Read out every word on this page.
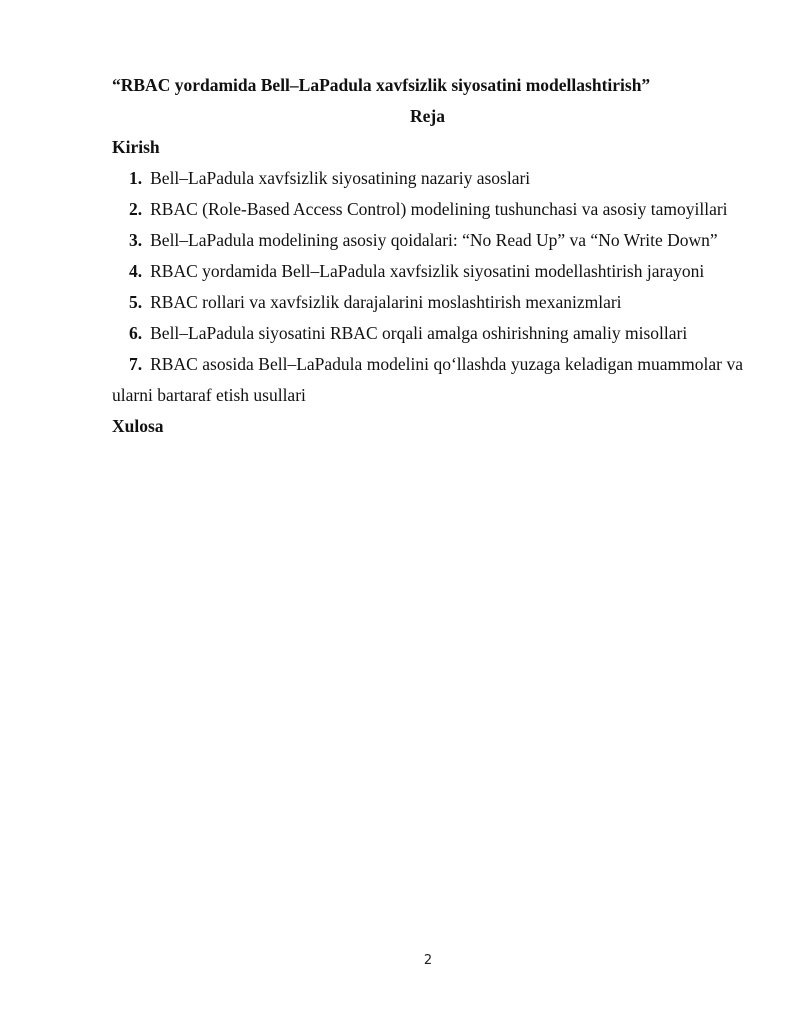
“RBAC yordamida Bell–LaPadula xavfsizlik siyosatini modellashtirish”

Reja

Kirish

1. Bell–LaPadula xavfsizlik siyosatining nazariy asoslari
2. RBAC (Role-Based Access Control) modelining tushunchasi va asosiy tamoyillari
3. Bell–LaPadula modelining asosiy qoidalari: “No Read Up” va “No Write Down”
4. RBAC yordamida Bell–LaPadula xavfsizlik siyosatini modellashtirish jarayoni
5. RBAC rollari va xavfsizlik darajalarini moslashtirish mexanizmlari
6. Bell–LaPadula siyosatini RBAC orqali amalga oshirishning amaliy misollari
7. RBAC asosida Bell–LaPadula modelini qo‘llashda yuzaga keladigan muammolar va ularni bartaraf etish usullari

Xulosa

2
